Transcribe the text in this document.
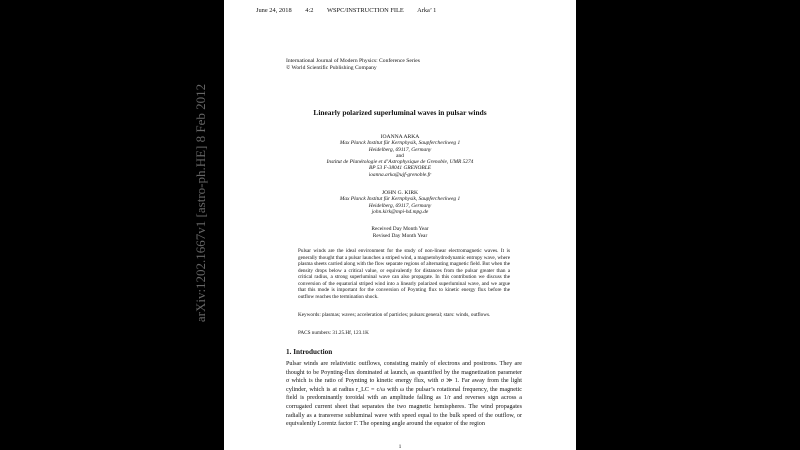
June 24, 2018 4:2 WSPC/INSTRUCTION FILE Arka’ 1
arXiv:1202.1667v1 [astro-ph.HE] 8 Feb 2012
International Journal of Modern Physics: Conference Series
© World Scientific Publishing Company
Linearly polarized superluminal waves in pulsar winds
IOANNA ARKA
Max Planck Institut für Kernphysik, Saupfercheckweg 1
Heidelberg, 69117, Germany
and
Institut de Planétologie et d’Astrophysique de Grenoble, UMR 5274
BP 53 F-38041 GRENOBLE
ioanna.arka@ujf-grenoble.fr
JOHN G. KIRK
Max Planck Institut für Kernphysik, Saupfercheckweg 1
Heidelberg, 69117, Germany
john.kirk@mpi-hd.mpg.de
Received Day Month Year
Revised Day Month Year
Pulsar winds are the ideal environment for the study of non-linear electromagnetic waves. It is generally thought that a pulsar launches a striped wind, a magnetohydrodynamic entropy wave, where plasma sheets carried along with the flow separate regions of alternating magnetic field. But when the density drops below a critical value, or equivalently for distances from the pulsar greater than a critical radius, a strong superluminal wave can also propagate. In this contribution we discuss the conversion of the equatorial striped wind into a linearly polarized superluminal wave, and we argue that this mode is important for the conversion of Poynting flux to kinetic energy flux before the outflow reaches the termination shock.
Keywords: plasmas; waves; acceleration of particles; pulsars:general; stars: winds, outflows.
PACS numbers: 31.25.Hf, 123.1K
1. Introduction
Pulsar winds are relativistic outflows, consisting mainly of electrons and positrons. They are thought to be Poynting-flux dominated at launch, as quantified by the magnetization parameter σ which is the ratio of Poynting to kinetic energy flux, with σ ≫ 1. Far away from the light cylinder, which is at radius r_LC = c/ω with ω the pulsar’s rotational frequency, the magnetic field is predominantly toroidal with an amplitude falling as 1/r and reverses sign across a corrugated current sheet that separates the two magnetic hemispheres. The wind propagates radially as a transverse subluminal wave with speed equal to the bulk speed of the outflow, or equivalently Lorentz factor Γ. The opening angle around the equator of the region
1
